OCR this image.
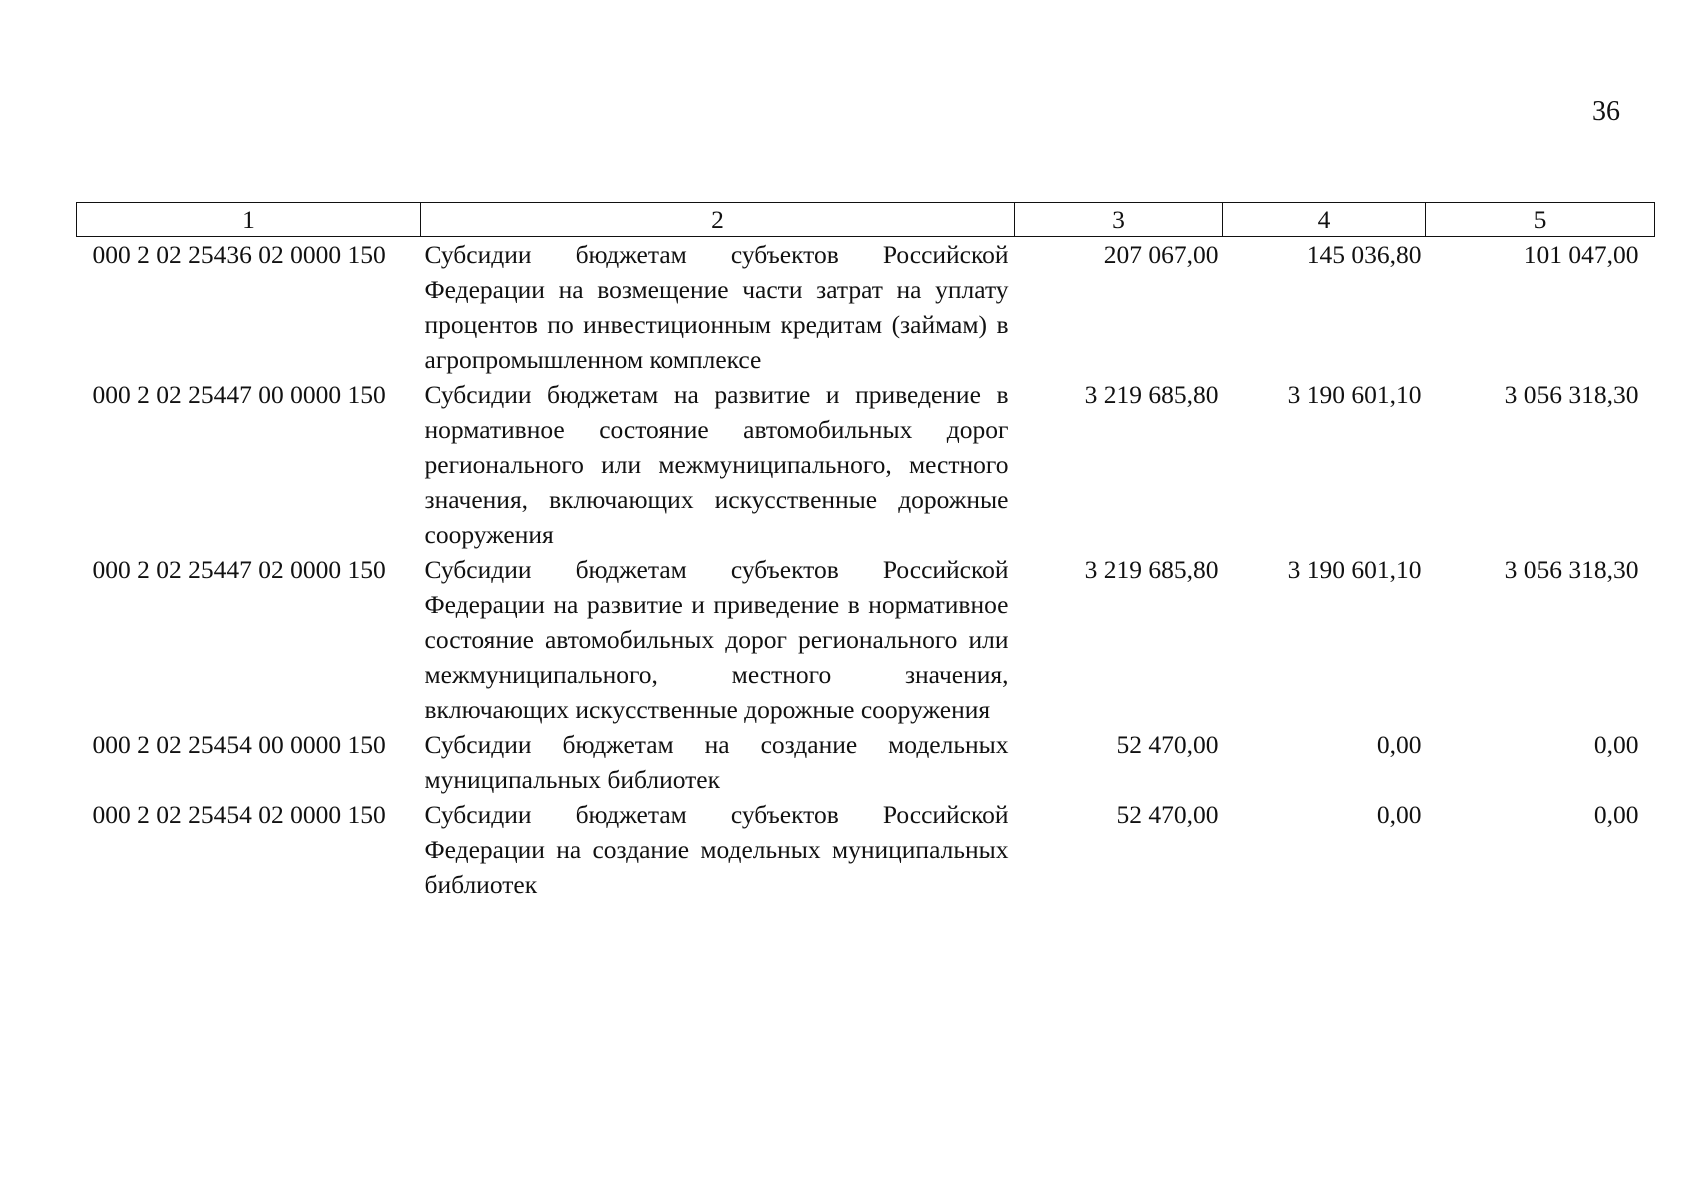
36
1	2	3	4	5
000 2 02 25436 02 0000 150	Субсидии бюджетам субъектов Российской Федерации на возмещение части затрат на уплату процентов по инвестиционным кредитам (займам) в агропромышленном комплексе	207 067,00	145 036,80	101 047,00
000 2 02 25447 00 0000 150	Субсидии бюджетам на развитие и приведение в нормативное состояние автомобильных дорог регионального или межмуниципального, местного значения, включающих искусственные дорожные сооружения	3 219 685,80	3 190 601,10	3 056 318,30
000 2 02 25447 02 0000 150	Субсидии бюджетам субъектов Российской Федерации на развитие и приведение в нормативное состояние автомобильных дорог регионального или межмуниципального, местного значения, включающих искусственные дорожные сооружения	3 219 685,80	3 190 601,10	3 056 318,30
000 2 02 25454 00 0000 150	Субсидии бюджетам на создание модельных муниципальных библиотек	52 470,00	0,00	0,00
000 2 02 25454 02 0000 150	Субсидии бюджетам субъектов Российской Федерации на создание модельных муниципальных библиотек	52 470,00	0,00	0,00
